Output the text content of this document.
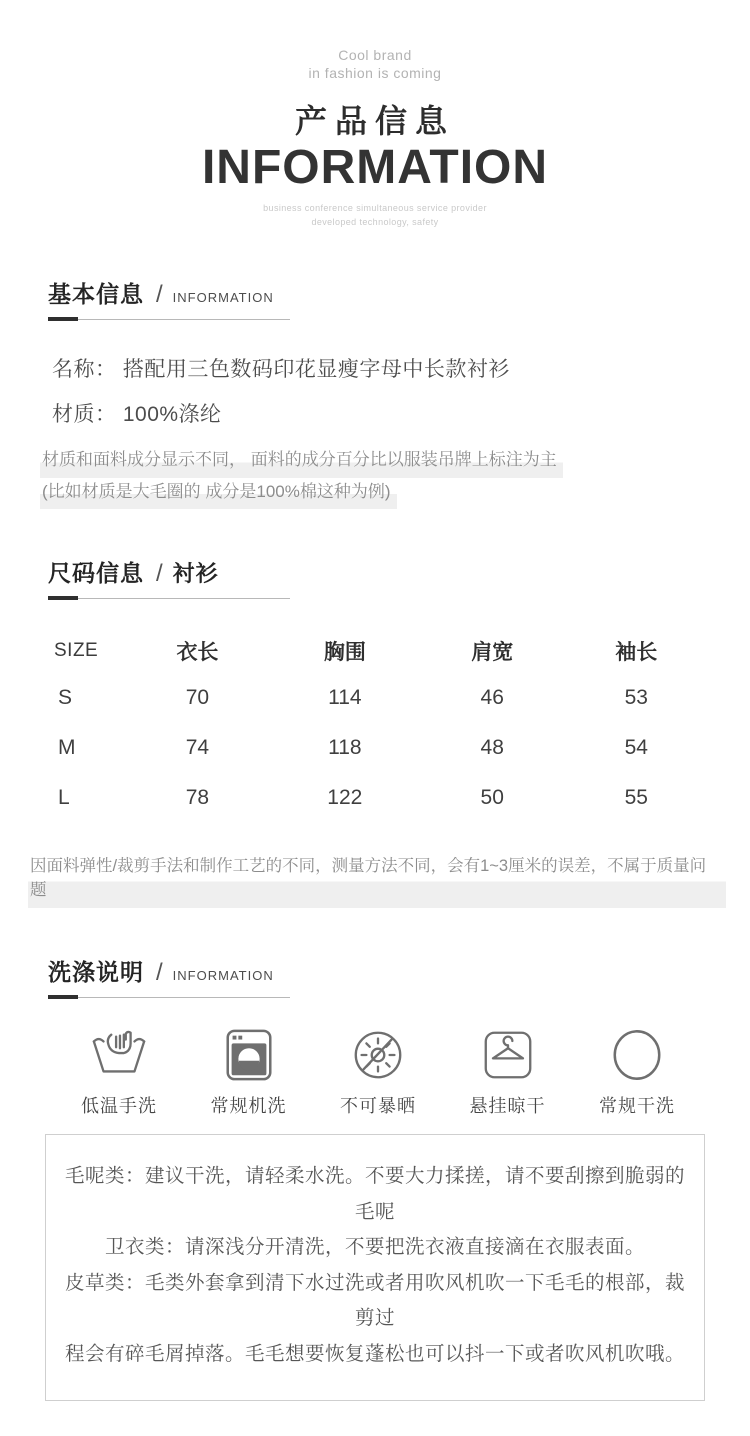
Cool brand
in fashion is coming
产品信息
INFORMATION
business conference simultaneous service provider
developed technology, safety
基本信息 / INFORMATION
名称： 搭配用三色数码印花显瘦字母中长款衬衫
材质： 100%涤纶
材质和面料成分显示不同， 面料的成分百分比以服装吊牌上标注为主
(比如材质是大毛圈的 成分是100%棉这种为例)
尺码信息 / 衬衫
SIZE	衣长	胸围	肩宽	袖长
S	70	114	46	53
M	74	118	48	54
L	78	122	50	55
因面料弹性/裁剪手法和制作工艺的不同，测量方法不同，会有1~3厘米的误差，不属于质量问题
洗涤说明 / INFORMATION
低温手洗	常规机洗	不可暴晒	悬挂晾干	常规干洗
毛呢类：建议干洗，请轻柔水洗。不要大力揉搓，请不要刮擦到脆弱的毛呢
卫衣类：请深浅分开清洗，不要把洗衣液直接滴在衣服表面。
皮草类：毛类外套拿到清下水过洗或者用吹风机吹一下毛毛的根部，裁剪过
程会有碎毛屑掉落。毛毛想要恢复蓬松也可以抖一下或者吹风机吹哦。
